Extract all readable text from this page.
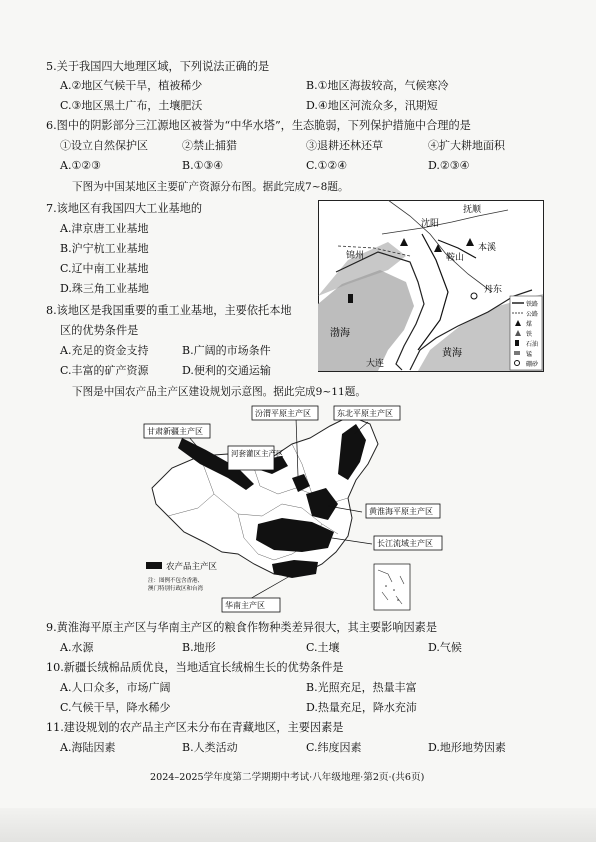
5.关于我国四大地理区域，下列说法正确的是
A.②地区气候干旱，植被稀少	B.①地区海拔较高，气候寒冷
C.③地区黑土广布，土壤肥沃	D.④地区河流众多，汛期短
6.图中的阴影部分三江源地区被誉为“中华水塔”，生态脆弱，下列保护措施中合理的是
①设立自然保护区	②禁止捕猎	③退耕还林还草	④扩大耕地面积
A.①②③	B.①③④	C.①②④	D.②③④
下图为中国某地区主要矿产资源分布图。据此完成7~8题。
7.该地区有我国四大工业基地的
A.津京唐工业基地
B.沪宁杭工业基地
C.辽中南工业基地
D.珠三角工业基地
8.该地区是我国重要的重工业基地，主要依托本地
区的优势条件是
A.充足的资金支持	B.广阔的市场条件
C.丰富的矿产资源	D.便利的交通运输
抚顺
沈阳
锦州	鞍山
本溪
丹东
渤海
大连
黄海
铁路
公路
煤
铁
石油
锰
硼砂
下图是中国农产品主产区建设规划示意图。据此完成9~11题。
甘肃新疆主产区
汾渭平原主产区	东北平原主产区
河套灌区主产区
黄淮海平原主产区
长江流域主产区
华南主产区
农产品主产区
注：图例不包含香港、
澳门特别行政区和台湾
9.黄淮海平原主产区与华南主产区的粮食作物种类差异很大，其主要影响因素是
A.水源	B.地形	C.土壤	D.气候
10.新疆长绒棉品质优良，当地适宜长绒棉生长的优势条件是
A.人口众多，市场广阔	B.光照充足，热量丰富
C.气候干旱，降水稀少	D.热量充足，降水充沛
11.建设规划的农产品主产区未分布在青藏地区，主要因素是
A.海陆因素	B.人类活动	C.纬度因素	D.地形地势因素
2024–2025学年度第二学期期中考试·八年级地理·第2页·(共6页)
